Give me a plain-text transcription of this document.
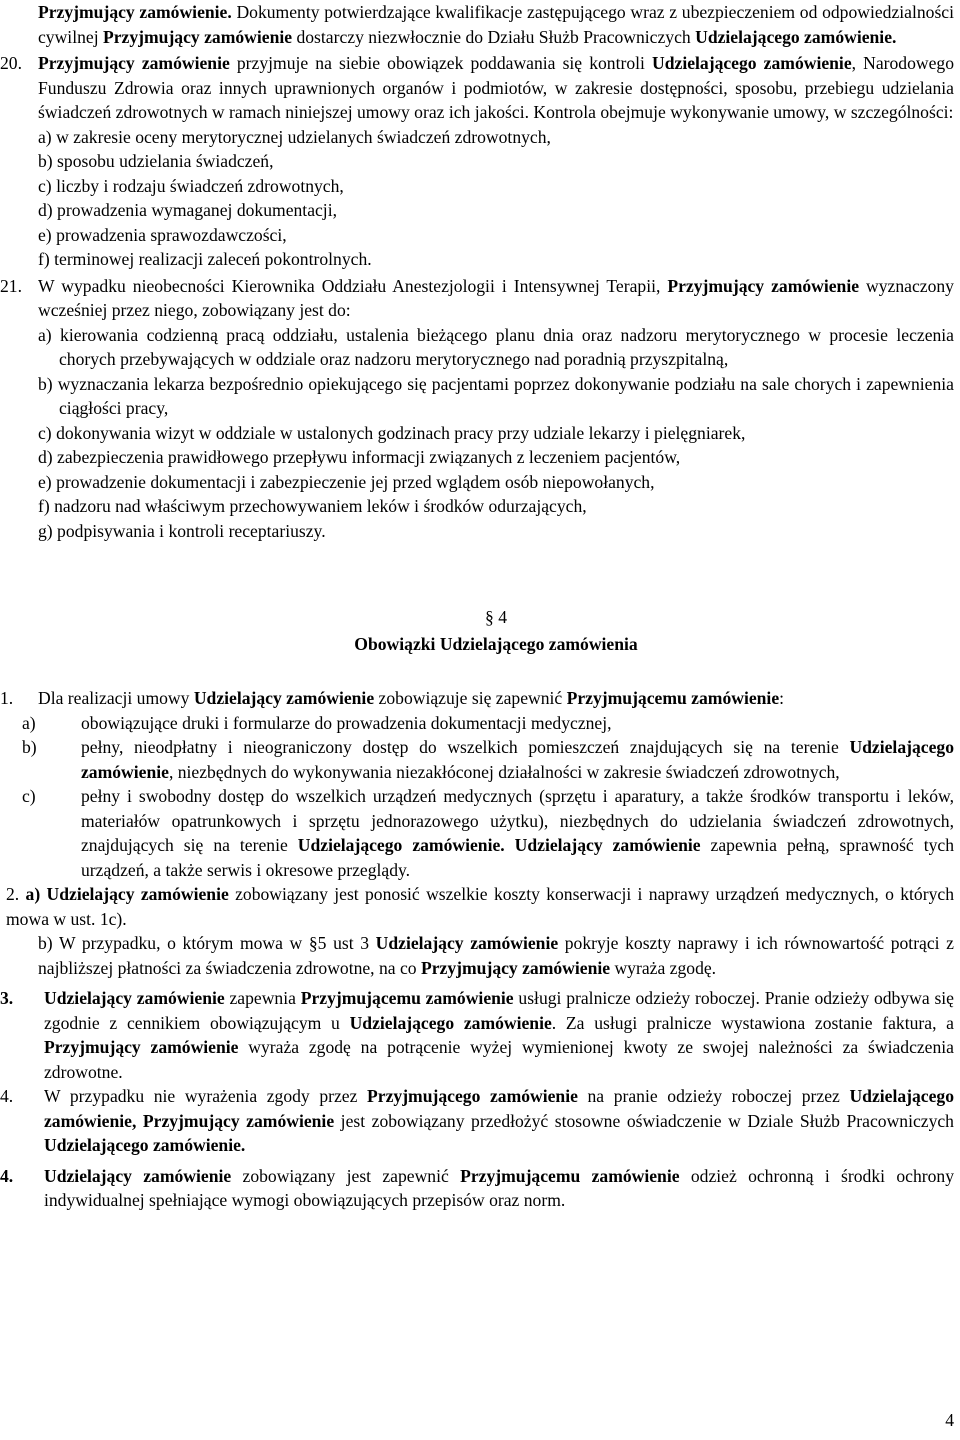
Przyjmujący zamówienie. Dokumenty potwierdzające kwalifikacje zastępującego wraz z ubezpieczeniem od odpowiedzialności cywilnej Przyjmujący zamówienie dostarczy niezwłocznie do Działu Służb Pracowniczych Udzielającego zamówienie.

20. Przyjmujący zamówienie przyjmuje na siebie obowiązek poddawania się kontroli Udzielającego zamówienie, Narodowego Funduszu Zdrowia oraz innych uprawnionych organów i podmiotów, w zakresie dostępności, sposobu, przebiegu udzielania świadczeń zdrowotnych w ramach niniejszej umowy oraz ich jakości. Kontrola obejmuje wykonywanie umowy, w szczególności:

a) w zakresie oceny merytorycznej udzielanych świadczeń zdrowotnych,

b) sposobu udzielania świadczeń,

c) liczby i rodzaju świadczeń zdrowotnych,

d) prowadzenia wymaganej dokumentacji,

e) prowadzenia sprawozdawczości,

f) terminowej realizacji zaleceń pokontrolnych.

21. W wypadku nieobecności Kierownika Oddziału Anestezjologii i Intensywnej Terapii, Przyjmujący zamówienie wyznaczony wcześniej przez niego, zobowiązany jest do:

a) kierowania codzienną pracą oddziału, ustalenia bieżącego planu dnia oraz nadzoru merytorycznego w procesie leczenia chorych przebywających w oddziale oraz nadzoru merytorycznego nad poradnią przyszpitalną,

b) wyznaczania lekarza bezpośrednio opiekującego się pacjentami poprzez dokonywanie podziału na sale chorych i zapewnienia ciągłości pracy,

c) dokonywania wizyt w oddziale w ustalonych godzinach pracy przy udziale lekarzy i pielęgniarek,

d) zabezpieczenia prawidłowego przepływu informacji związanych z leczeniem pacjentów,

e) prowadzenie dokumentacji i zabezpieczenie jej przed wglądem osób niepowołanych,

f) nadzoru nad właściwym przechowywaniem leków i środków odurzających,

g) podpisywania i kontroli receptariuszy.

§ 4

Obowiązki Udzielającego zamówienia

1. Dla realizacji umowy Udzielający zamówienie zobowiązuje się zapewnić Przyjmującemu zamówienie:

a)	obowiązujące druki i formularze do prowadzenia dokumentacji medycznej,

b)	pełny, nieodpłatny i nieograniczony dostęp do wszelkich pomieszczeń znajdujących się na terenie Udzielającego zamówienie, niezbędnych do wykonywania niezakłóconej działalności w zakresie świadczeń zdrowotnych,

c)	pełny i swobodny dostęp do wszelkich urządzeń medycznych (sprzętu i aparatury, a także środków transportu i leków, materiałów opatrunkowych i sprzętu jednorazowego użytku), niezbędnych do udzielania świadczeń zdrowotnych, znajdujących się na terenie Udzielającego zamówienie. Udzielający zamówienie zapewnia pełną, sprawność tych urządzeń, a także serwis i okresowe przeglądy.

2. a) Udzielający zamówienie zobowiązany jest ponosić wszelkie koszty konserwacji i naprawy urządzeń medycznych, o których mowa w ust. 1c).

b) W przypadku, o którym mowa w §5 ust 3 Udzielający zamówienie pokryje koszty naprawy i ich równowartość potrąci z najbliższej płatności za świadczenia zdrowotne, na co Przyjmujący zamówienie wyraża zgodę.

3. Udzielający zamówienie zapewnia Przyjmującemu zamówienie usługi pralnicze odzieży roboczej. Pranie odzieży odbywa się zgodnie z cennikiem obowiązującym u Udzielającego zamówienie. Za usługi pralnicze wystawiona zostanie faktura, a Przyjmujący zamówienie wyraża zgodę na potrącenie wyżej wymienionej kwoty ze swojej należności za świadczenia zdrowotne.

4. W przypadku nie wyrażenia zgody przez Przyjmującego zamówienie na pranie odzieży roboczej przez Udzielającego zamówienie, Przyjmujący zamówienie jest zobowiązany przedłożyć stosowne oświadczenie w Dziale Służb Pracowniczych Udzielającego zamówienie.

4. Udzielający zamówienie zobowiązany jest zapewnić Przyjmującemu zamówienie odzież ochronną i środki ochrony indywidualnej spełniające wymogi obowiązujących przepisów oraz norm.

4
